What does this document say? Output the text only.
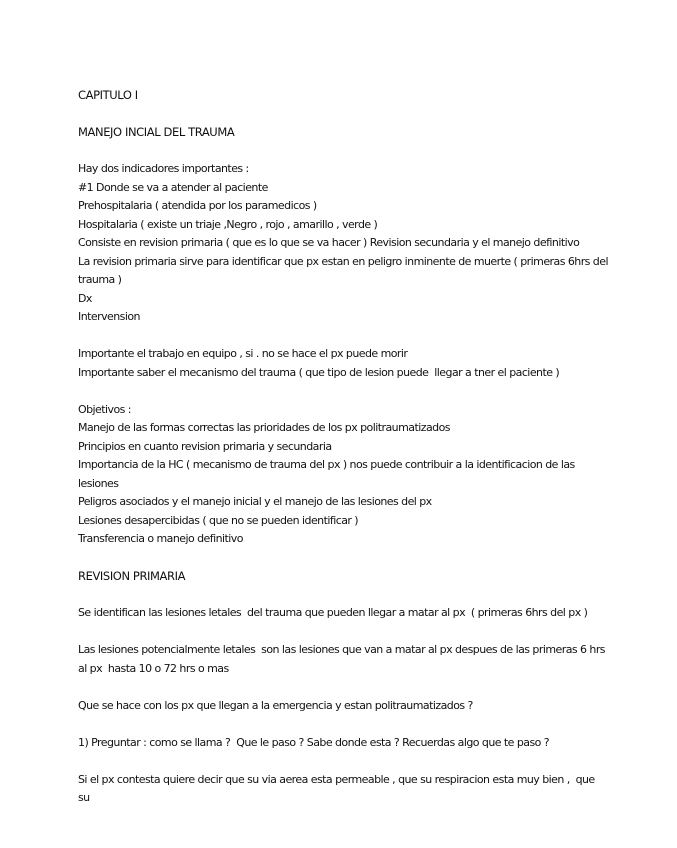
CAPITULO I
MANEJO INCIAL DEL TRAUMA
Hay dos indicadores importantes :
#1 Donde se va a atender al paciente
Prehospitalaria ( atendida por los paramedicos )
Hospitalaria ( existe un triaje ,Negro , rojo , amarillo , verde )
Consiste en revision primaria ( que es lo que se va hacer ) Revision secundaria y el manejo definitivo
La revision primaria sirve para identificar que px estan en peligro inminente de muerte ( primeras 6hrs del trauma )
Dx
Intervension
Importante el trabajo en equipo , si . no se hace el px puede morir
Importante saber el mecanismo del trauma ( que tipo de lesion puede  llegar a tner el paciente )
Objetivos :
Manejo de las formas correctas las prioridades de los px politraumatizados
Principios en cuanto revision primaria y secundaria
Importancia de la HC ( mecanismo de trauma del px ) nos puede contribuir a la identificacion de las lesiones
Peligros asociados y el manejo inicial y el manejo de las lesiones del px
Lesiones desapercibidas ( que no se pueden identificar )
Transferencia o manejo definitivo
REVISION PRIMARIA
Se identifican las lesiones letales  del trauma que pueden llegar a matar al px  ( primeras 6hrs del px )
Las lesiones potencialmente letales  son las lesiones que van a matar al px despues de las primeras 6 hrs al px  hasta 10 o 72 hrs o mas
Que se hace con los px que llegan a la emergencia y estan politraumatizados ?
1) Preguntar : como se llama ?  Que le paso ? Sabe donde esta ? Recuerdas algo que te paso ?
Si el px contesta quiere decir que su via aerea esta permeable , que su respiracion esta muy bien ,  que su
